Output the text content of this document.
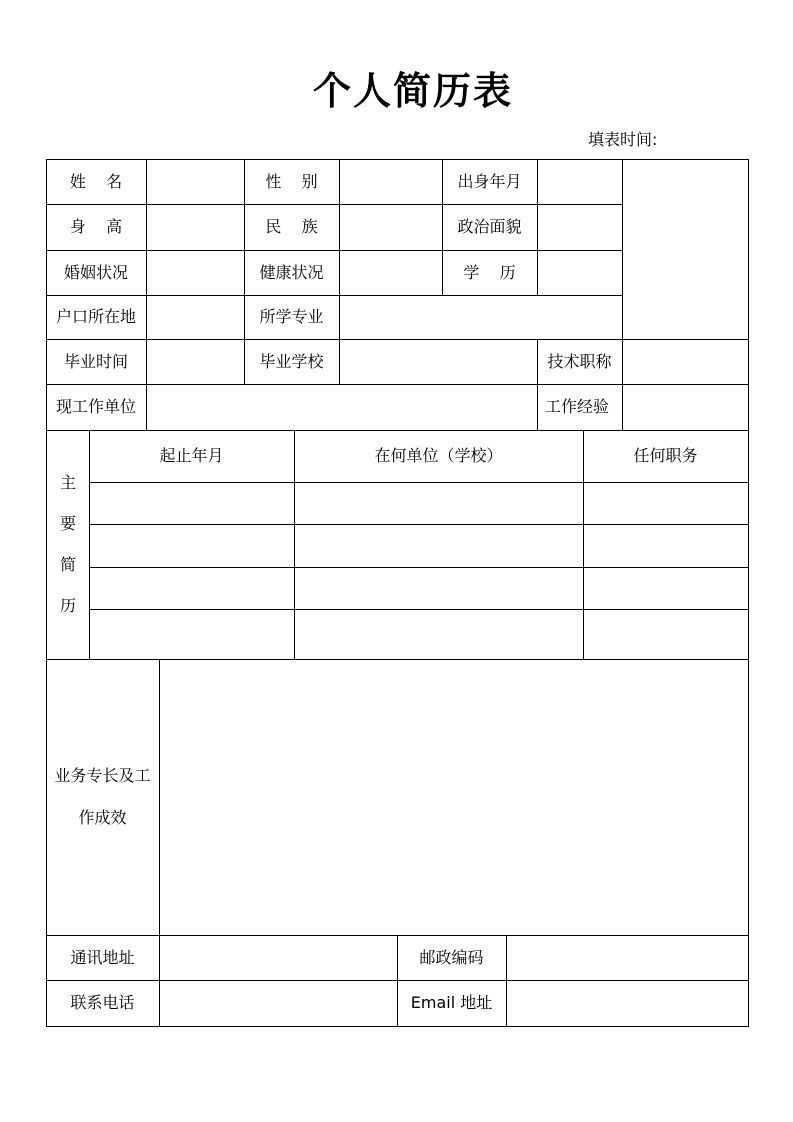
个人简历表
填表时间:
姓    名	性    别	出身年月
身    高	民    族	政治面貌
婚姻状况	健康状况	学    历
户口所在地	所学专业
毕业时间	毕业学校	技术职称
现工作单位	工作经验
主
要
简
历
起止年月	在何单位（学校）	任何职务
业务专长及工作成效
通讯地址	邮政编码
联系电话	Email 地址
